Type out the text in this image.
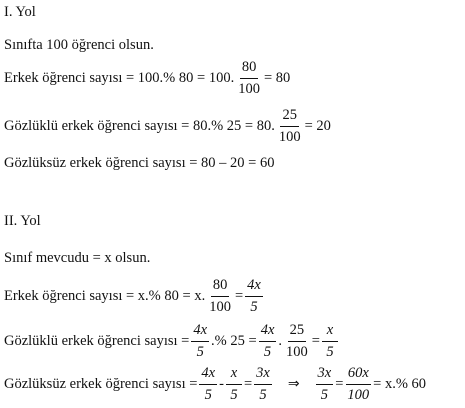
I. Yol
Sınıfta 100 öğrenci olsun.
Erkek öğrenci sayısı = 100.% 80 = 100. $\frac{80}{100} = 80$
Gözlüklü erkek öğrenci sayısı = 80.% 25 = 80. $\frac{25}{100} = 20$
Gözlüksüz erkek öğrenci sayısı = 80 – 20 = 60
II. Yol
Sınıf mevcudu = x olsun.
Erkek öğrenci sayısı = x.% 80 = x. $\frac{80}{100} = \frac{4x}{5}$
Gözlüklü erkek öğrenci sayısı = $\frac{4x}{5}$ .% $25 = \frac{4x}{5}$ . $\frac{25}{100} = \frac{x}{5}$
Gözlüksüz erkek öğrenci sayısı = $\frac{4x}{5} - \frac{x}{5} = \frac{3x}{5}$ ⇒ $\frac{3x}{5} = \frac{60x}{100} = x.\%$ 60
